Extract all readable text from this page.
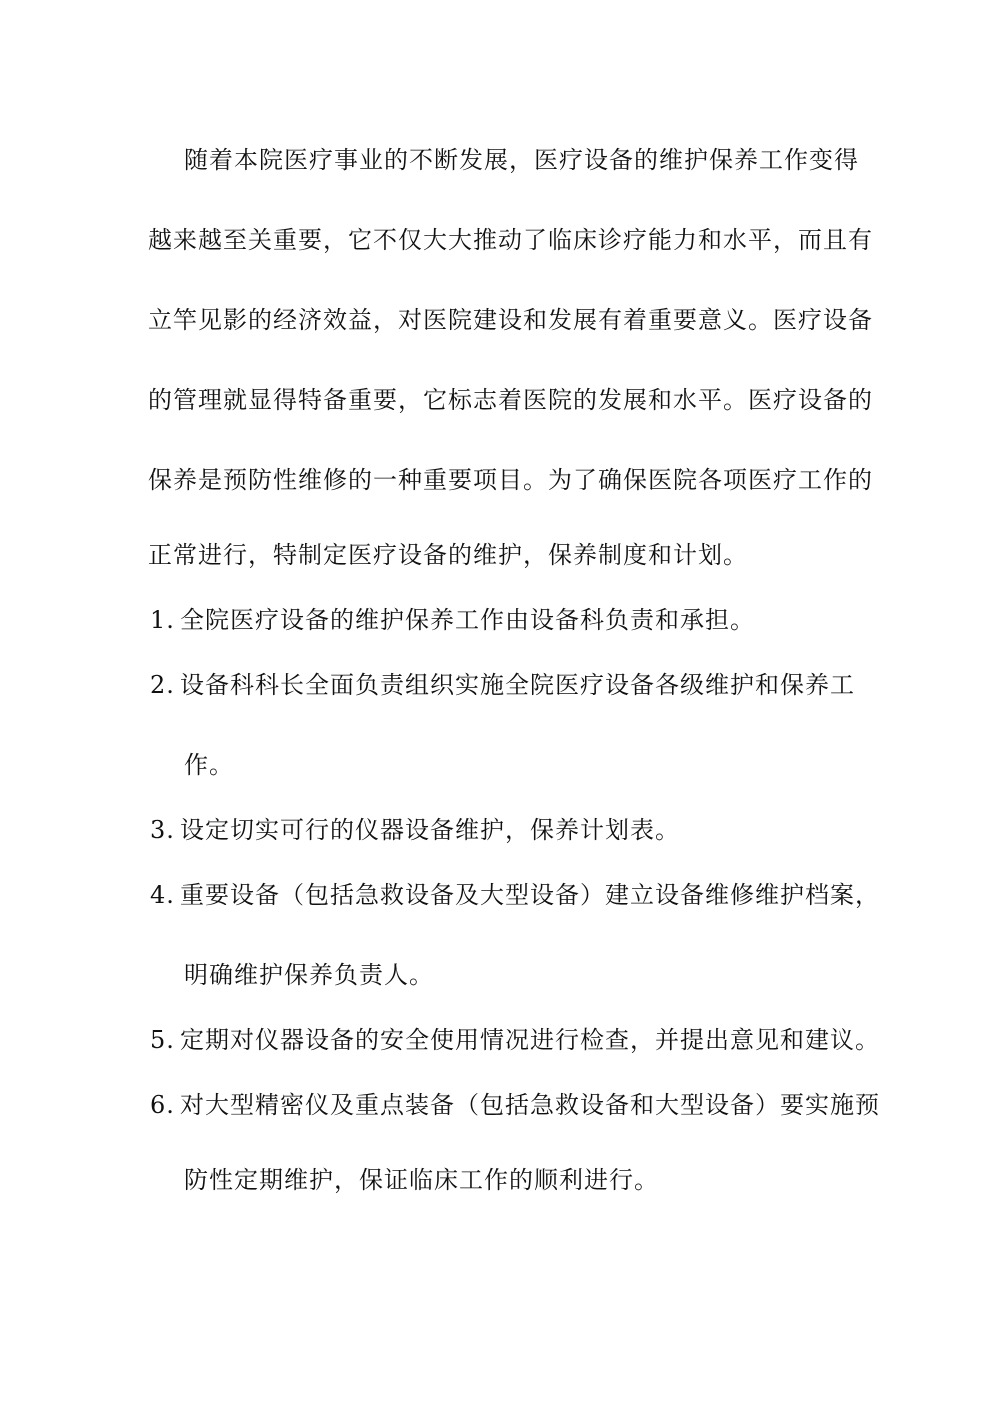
随着本院医疗事业的不断发展，医疗设备的维护保养工作变得
越来越至关重要，它不仅大大推动了临床诊疗能力和水平，而且有
立竿见影的经济效益，对医院建设和发展有着重要意义。医疗设备
的管理就显得特备重要，它标志着医院的发展和水平。医疗设备的
保养是预防性维修的一种重要项目。为了确保医院各项医疗工作的
正常进行，特制定医疗设备的维护，保养制度和计划。
1. 全院医疗设备的维护保养工作由设备科负责和承担。
2. 设备科科长全面负责组织实施全院医疗设备各级维护和保养工
作。
3. 设定切实可行的仪器设备维护，保养计划表。
4. 重要设备（包括急救设备及大型设备）建立设备维修维护档案，
明确维护保养负责人。
5. 定期对仪器设备的安全使用情况进行检查，并提出意见和建议。
6. 对大型精密仪及重点装备（包括急救设备和大型设备）要实施预
防性定期维护，保证临床工作的顺利进行。
